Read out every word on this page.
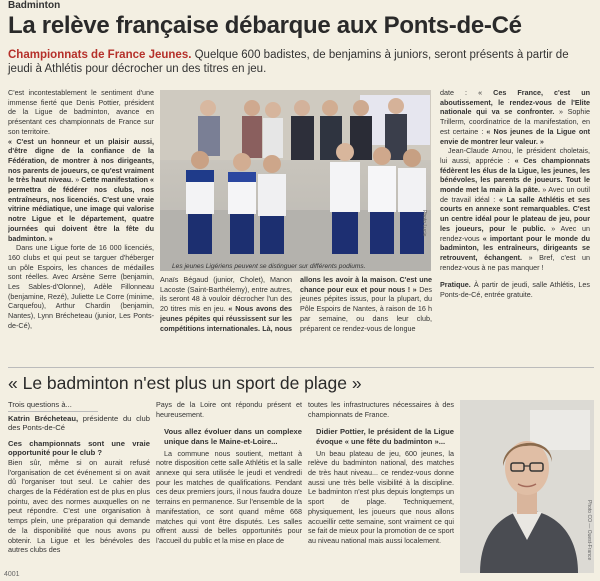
Badminton
La relève française débarque aux Ponts-de-Cé
Championnats de France Jeunes. Quelque 600 badistes, de benjamins à juniors, seront présents à partir de jeudi à Athlétis pour décrocher un des titres en jeu.

C'est incontestablement le sentiment d'une immense fierté que Denis Pottier, président de la Ligue de badminton, avance en présentant ces championnats de France sur son territoire.

« C'est un honneur et un plaisir aussi, d'être digne de la confiance de la Fédération, de montrer à nos dirigeants, nos parents de joueurs, ce qu'est vraiment le très haut niveau. » Cette manifestation « permettra de fédérer nos clubs, nos entraîneurs, nos licenciés. C'est une vraie vitrine médiatique, une image qui valorise notre Ligue et le département, quatre journées qui doivent être la fête du badminton. »

Dans une Ligue forte de 16 000 licenciés, 160 clubs et qui peut se targuer d'héberger un pôle Espoirs, les chances de médailles sont réelles. Avec Arsène Serre (benjamin, Les Sables-d'Olonne), Adèle Fillonneau (benjamine, Rezé), Juliette Le Corre (minime, Carquefou), Arthur Chardin (benjamin, Nantes), Lynn Brécheteau (junior, Les Ponts-de-Cé),

Les jeunes Ligériens peuvent se distinguer sur différents podiums.
Photo Lucie

Anaïs Bégaud (junior, Cholet), Manon Lacoste (Saint-Barthélemy), entre autres, ils seront 48 à vouloir décrocher l'un des 20 titres mis en jeu. « Nous avons des jeunes pépites qui réussissent sur les compétitions internationales. Là, nous allons les avoir à la maison. C'est une chance pour eux et pour nous ! » Des jeunes pépites issus, pour la plupart, du Pôle Espoirs de Nantes, à raison de 16 h par semaine, ou dans leur club, préparent ce rendez-vous de longue

date : « Ces France, c'est un aboutissement, le rendez-vous de l'Elite nationale qui va se confronter. » Sophie Trillerm, coordinatrice de la manifestation, en est certaine : « Nos jeunes de la Ligue ont envie de montrer leur valeur. »

Jean-Claude Arnou, le président choletais, lui aussi, apprécie : « Ces championnats fédèrent les élus de la Ligue, les jeunes, les bénévoles, les parents de joueurs. Tout le monde met la main à la pâte. » Avec un outil de travail idéal : « La salle Athlétis et ses courts en annexe sont remarquables. C'est un centre idéal pour le plateau de jeu, pour les joueurs, pour le public. » Avec un rendez-vous « important pour le monde du badminton, les entraîneurs, dirigeants se retrouvent, échangent. » Bref, c'est un rendez-vous à ne pas manquer !

Pratique. À partir de jeudi, salle Athlétis, Les Ponts-de-Cé, entrée gratuite.

« Le badminton n'est plus un sport de plage »
Trois questions à...
Katrin Brécheteau, présidente du club des Ponts-de-Cé
Ces championnats sont une vraie opportunité pour le club ?

Bien sûr, même si on aurait refusé l'organisation de cet événement si on avait dû l'organiser tout seul. Le cahier des charges de la Fédération est de plus en plus pointu, avec des normes auxquelles on ne peut répondre. C'est une organisation à temps plein, une préparation qui demande de la disponibilité que nous avons pu obtenir. La Ligue et les bénévoles des autres clubs des

Pays de la Loire ont répondu présent et heureusement.

Vous allez évoluer dans un complexe unique dans le Maine-et-Loire...

La commune nous soutient, mettant à notre disposition cette salle Athlétis et la salle annexe qui sera utilisée le jeudi et vendredi pour les matches de qualifications. Pendant ces deux premiers jours, il nous faudra douze terrains en permanence. Sur l'ensemble de la manifestation, ce sont quand même 668 matches qui vont être disputés. Les salles offrent aussi de belles opportunités pour l'accueil du public et la mise en place de

toutes les infrastructures nécessaires à des championnats de France.

Didier Pottier, le président de la Ligue évoque « une fête du badminton »...

Un beau plateau de jeu, 600 jeunes, la relève du badminton national, des matches de très haut niveau... ce rendez-vous donne aussi une très belle visibilité à la discipline. Le badminton n'est plus depuis longtemps un sport de plage. Techniquement, physiquement, les joueurs que nous allons accueillir cette semaine, sont vraiment ce qui se fait de mieux pour la promotion de ce sport au niveau national mais aussi localement.	Photo CO — Ouest-France
4001
